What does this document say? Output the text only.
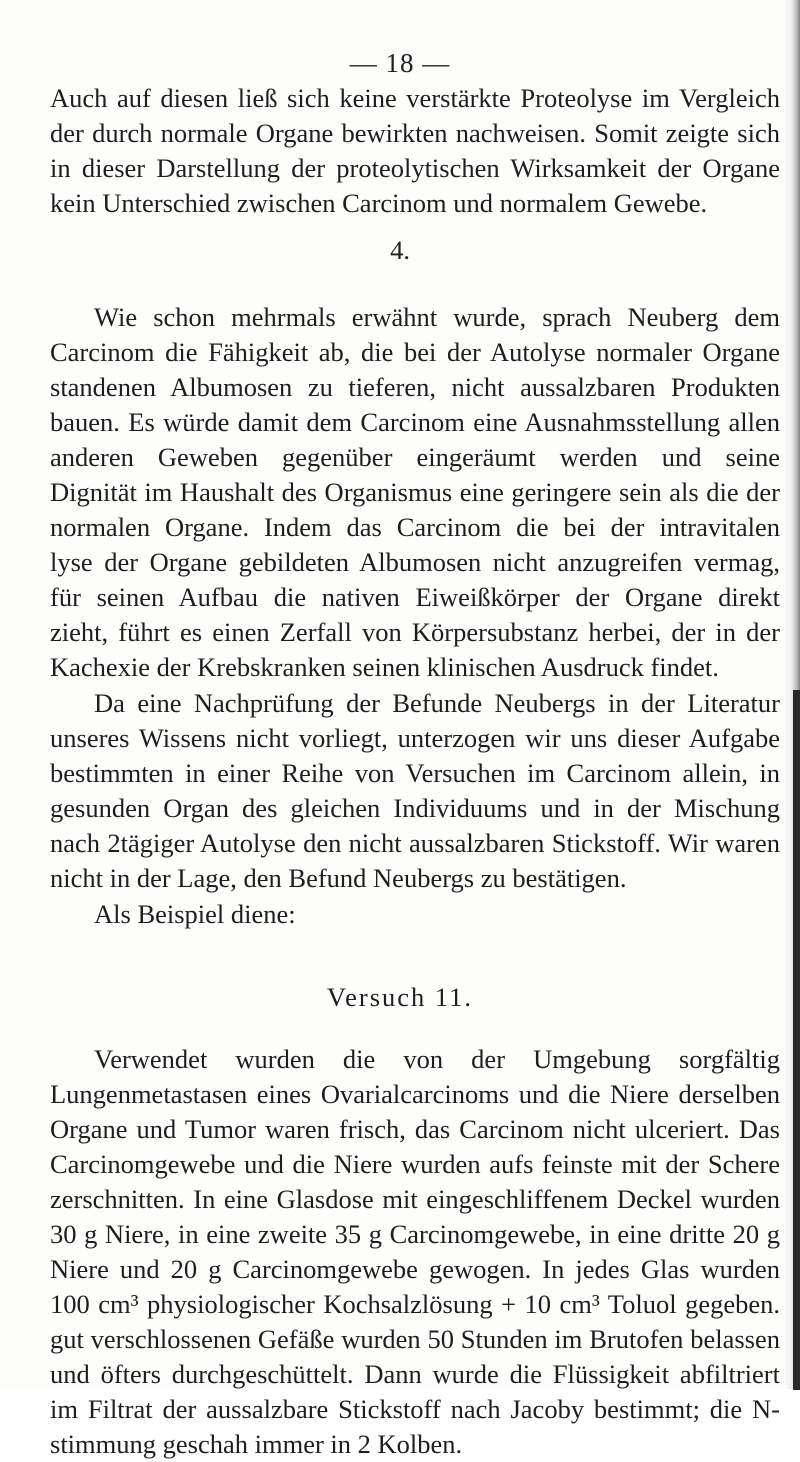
— 18 —
Auch auf diesen ließ sich keine verstärkte Proteolyse im Vergleich
der durch normale Organe bewirkten nachweisen. Somit zeigte sich
in dieser Darstellung der proteolytischen Wirksamkeit der Organe
kein Unterschied zwischen Carcinom und normalem Gewebe.
4.
Wie schon mehrmals erwähnt wurde, sprach Neuberg dem
Carcinom die Fähigkeit ab, die bei der Autolyse normaler Organe
standenen Albumosen zu tieferen, nicht aussalzbaren Produkten
bauen. Es würde damit dem Carcinom eine Ausnahmsstellung allen
anderen Geweben gegenüber eingeräumt werden und seine
Dignität im Haushalt des Organismus eine geringere sein als die der
normalen Organe. Indem das Carcinom die bei der intravitalen
lyse der Organe gebildeten Albumosen nicht anzugreifen vermag,
für seinen Aufbau die nativen Eiweißkörper der Organe direkt
zieht, führt es einen Zerfall von Körpersubstanz herbei, der in der
Kachexie der Krebskranken seinen klinischen Ausdruck findet.
Da eine Nachprüfung der Befunde Neubergs in der Literatur
unseres Wissens nicht vorliegt, unterzogen wir uns dieser Aufgabe
bestimmten in einer Reihe von Versuchen im Carcinom allein, in
gesunden Organ des gleichen Individuums und in der Mischung
nach 2tägiger Autolyse den nicht aussalzbaren Stickstoff. Wir waren
nicht in der Lage, den Befund Neubergs zu bestätigen.
Als Beispiel diene:
Versuch 11.
Verwendet wurden die von der Umgebung sorgfältig
Lungenmetastasen eines Ovarialcarcinoms und die Niere derselben
Organe und Tumor waren frisch, das Carcinom nicht ulceriert. Das
Carcinomgewebe und die Niere wurden aufs feinste mit der Schere
zerschnitten. In eine Glasdose mit eingeschliffenem Deckel wurden
30 g Niere, in eine zweite 35 g Carcinomgewebe, in eine dritte 20 g
Niere und 20 g Carcinomgewebe gewogen. In jedes Glas wurden
100 cm³ physiologischer Kochsalzlösung + 10 cm³ Toluol gegeben.
gut verschlossenen Gefäße wurden 50 Stunden im Brutofen belassen
und öfters durchgeschüttelt. Dann wurde die Flüssigkeit abfiltriert
im Filtrat der aussalzbare Stickstoff nach Jacoby bestimmt; die N-
stimmung geschah immer in 2 Kolben.
